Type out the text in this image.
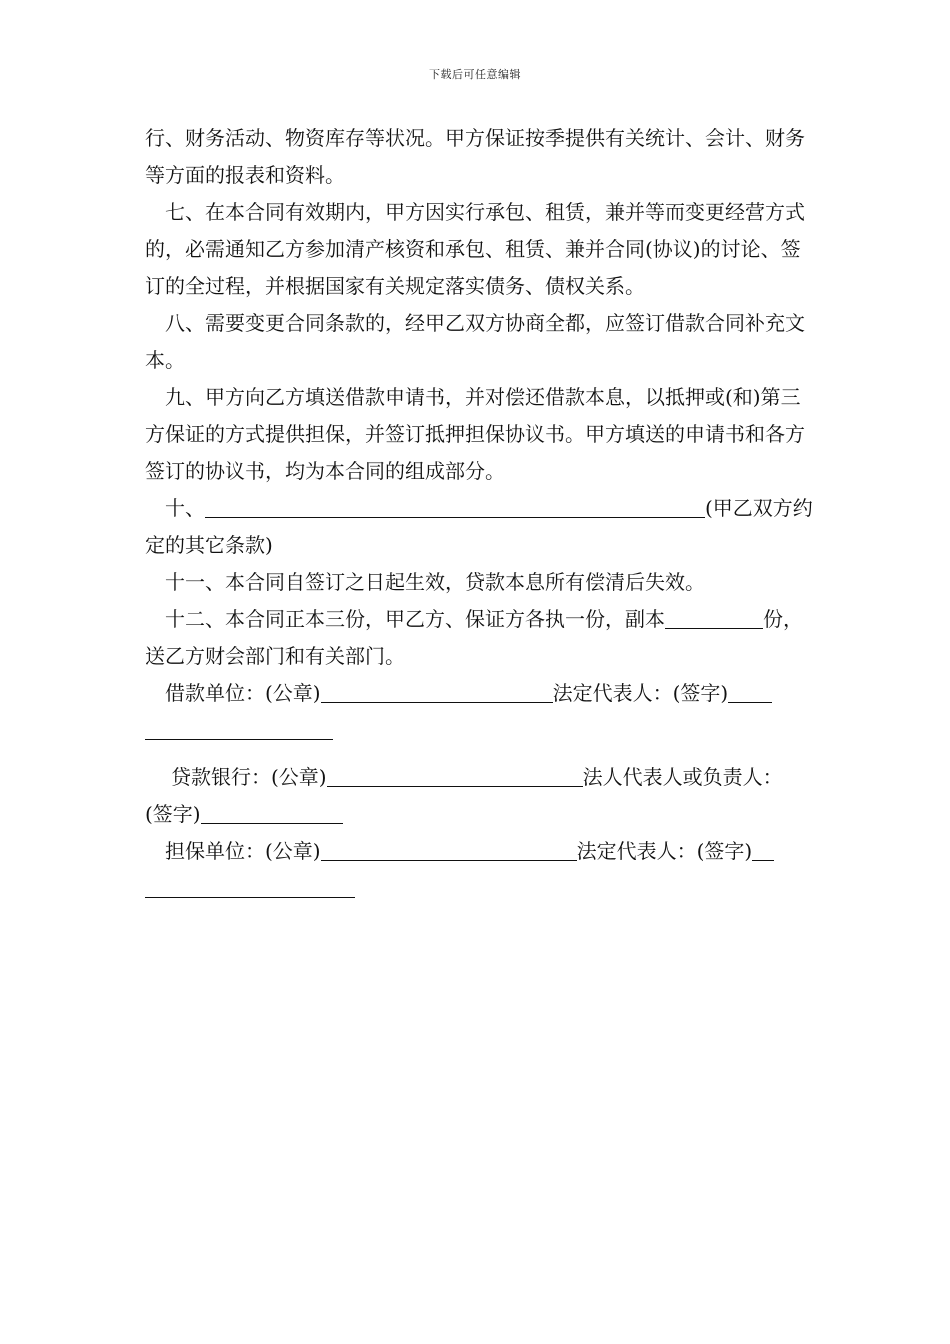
下载后可任意编辑

行、财务活动、物资库存等状况。甲方保证按季提供有关统计、会计、财务等方面的报表和资料。

七、在本合同有效期内，甲方因实行承包、租赁，兼并等而变更经营方式的，必需通知乙方参加清产核资和承包、租赁、兼并合同(协议)的讨论、签订的全过程，并根据国家有关规定落实债务、债权关系。

八、需要变更合同条款的，经甲乙双方协商全都，应签订借款合同补充文本。

九、甲方向乙方填送借款申请书，并对偿还借款本息，以抵押或(和)第三方保证的方式提供担保，并签订抵押担保协议书。甲方填送的申请书和各方签订的协议书，均为本合同的组成部分。

十、	(甲乙双方约定的其它条款)

十一、本合同自签订之日起生效，贷款本息所有偿清后失效。

十二、本合同正本三份，甲乙方、保证方各执一份，副本	份，送乙方财会部门和有关部门。

借款单位：(公章)	法定代表人：(签字)

贷款银行：(公章)	法人代表人或负责人：
(签字)

担保单位：(公章)	法定代表人：(签字)
